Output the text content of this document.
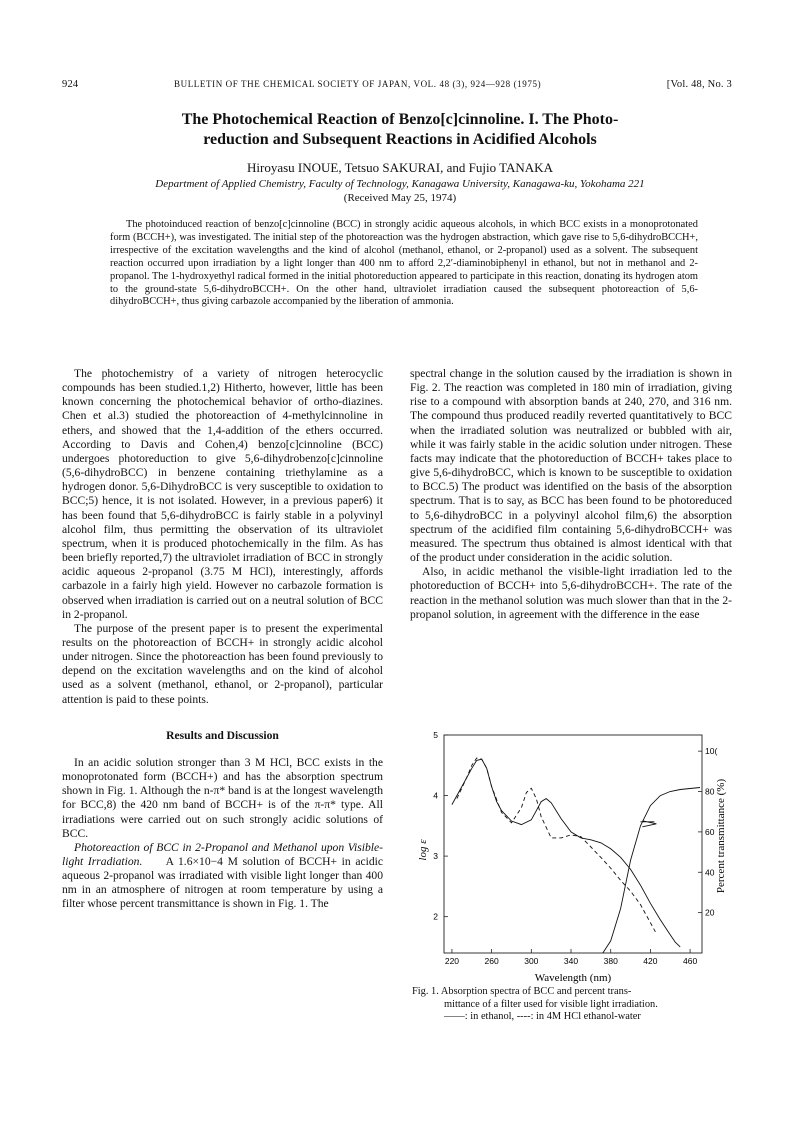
924	BULLETIN OF THE CHEMICAL SOCIETY OF JAPAN, VOL. 48 (3), 924—928 (1975)	[Vol. 48, No. 3
The Photochemical Reaction of Benzo[c]cinnoline. I. The Photo-
reduction and Subsequent Reactions in Acidified Alcohols
Hiroyasu INOUE, Tetsuo SAKURAI, and Fujio TANAKA
Department of Applied Chemistry, Faculty of Technology, Kanagawa University, Kanagawa-ku, Yokohama 221
(Received May 25, 1974)
The photoinduced reaction of benzo[c]cinnoline (BCC) in strongly acidic aqueous alcohols, in which BCC exists in a monoprotonated form (BCCH+), was investigated. The initial step of the photoreaction was the hydrogen abstraction, which gave rise to 5,6-dihydroBCCH+, irrespective of the excitation wavelengths and the kind of alcohol (methanol, ethanol, or 2-propanol) used as a solvent. The subsequent reaction occurred upon irradiation by a light longer than 400 nm to afford 2,2′-diaminobiphenyl in ethanol, but not in methanol and 2-propanol. The 1-hydroxyethyl radical formed in the initial photoreduction appeared to participate in this reaction, donating its hydrogen atom to the ground-state 5,6-dihydroBCCH+. On the other hand, ultraviolet irradiation caused the subsequent photoreaction of 5,6-dihydroBCCH+, thus giving carbazole accompanied by the liberation of ammonia.

The photochemistry of a variety of nitrogen heterocyclic compounds has been studied.1,2) Hitherto, however, little has been known concerning the photochemical behavior of ortho-diazines. Chen et al.3) studied the photoreaction of 4-methylcinnoline in ethers, and showed that the 1,4-addition of the ethers occurred. According to Davis and Cohen,4) benzo[c]cinnoline (BCC) undergoes photoreduction to give 5,6-dihydrobenzo[c]cinnoline (5,6-dihydroBCC) in benzene containing triethylamine as a hydrogen donor. 5,6-DihydroBCC is very susceptible to oxidation to BCC;5) hence, it is not isolated. However, in a previous paper6) it has been found that 5,6-dihydroBCC is fairly stable in a polyvinyl alcohol film, thus permitting the observation of its ultraviolet spectrum, when it is produced photochemically in the film. As has been briefly reported,7) the ultraviolet irradiation of BCC in strongly acidic aqueous 2-propanol (3.75 M HCl), interestingly, affords carbazole in a fairly high yield. However no carbazole formation is observed when irradiation is carried out on a neutral solution of BCC in 2-propanol.

The purpose of the present paper is to present the experimental results on the photoreaction of BCCH+ in strongly acidic alcohol under nitrogen. Since the photoreaction has been found previously to depend on the excitation wavelengths and on the kind of alcohol used as a solvent (methanol, ethanol, or 2-propanol), particular attention is paid to these points.

Results and Discussion

In an acidic solution stronger than 3 M HCl, BCC exists in the monoprotonated form (BCCH+) and has the absorption spectrum shown in Fig. 1. Although the n-π* band is at the longest wavelength for BCC,8) the 420 nm band of BCCH+ is of the π-π* type. All irradiations were carried out on such strongly acidic solutions of BCC.

Photoreaction of BCC in 2-Propanol and Methanol upon Visible-light Irradiation. A 1.6×10−4 M solution of BCCH+ in acidic aqueous 2-propanol was irradiated with visible light longer than 400 nm in an atmosphere of nitrogen at room temperature by using a filter whose percent transmittance is shown in Fig. 1. The

spectral change in the solution caused by the irradiation is shown in Fig. 2. The reaction was completed in 180 min of irradiation, giving rise to a compound with absorption bands at 240, 270, and 316 nm. The compound thus produced readily reverted quantitatively to BCC when the irradiated solution was neutralized or bubbled with air, while it was fairly stable in the acidic solution under nitrogen. These facts may indicate that the photoreduction of BCCH+ takes place to give 5,6-dihydroBCC, which is known to be susceptible to oxidation to BCC.5) The product was identified on the basis of the absorption spectrum. That is to say, as BCC has been found to be photoreduced to 5,6-dihydroBCC in a polyvinyl alcohol film,6) the absorption spectrum of the acidified film containing 5,6-dihydroBCCH+ was measured. The spectrum thus obtained is almost identical with that of the product under consideration in the acidic solution.

Also, in acidic methanol the visible-light irradiation led to the photoreduction of BCCH+ into 5,6-dihydroBCCH+. The rate of the reaction in the methanol solution was much slower than that in the 2-propanol solution, in agreement with the difference in the ease

220	260	300	340	380	420	460
2
3
4
5
20
40
60
80
10(
Wavelength (nm)
log ε	Percent transmittance (%)
Fig. 1. Absorption spectra of BCC and percent trans-
mittance of a filter used for visible light irradiation.
——: in ethanol, ----: in 4M HCl ethanol-water
